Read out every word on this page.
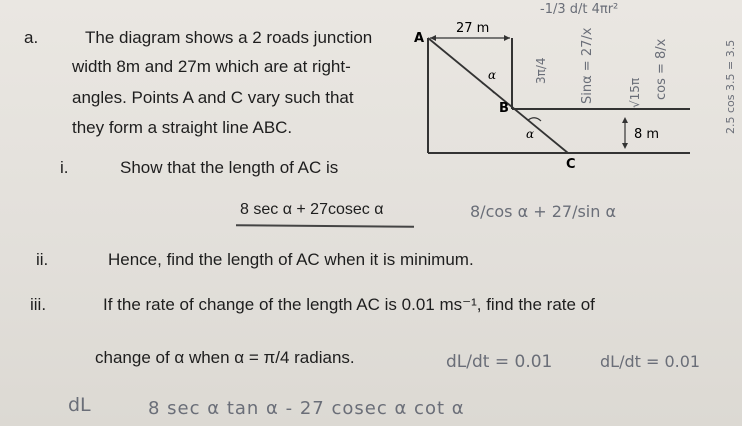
a.	The diagram shows a 2 roads junction
width 8m and 27m which are at right-
angles. Points A and C vary such that
they form a straight line ABC.
i.	Show that the length of AC is
8 sec α + 27cosec α
ii.	Hence, find the length of AC when it is minimum.
iii.	If the rate of change of the length AC is 0.01 ms⁻¹, find the rate of
change of α when α = π/4 radians.
27 m
8 m
A
B
C
α
α
-1/3 d/t 4πr²
3π/4 Sinα = 27/x	cos = 8/x
√15π	2.5 cos 3.5 = 3.5
8/cos α + 27/sin α
dL/dt = 0.01	dL/dt = 0.01
dL	8 sec α tan α - 27 cosec α cot α
